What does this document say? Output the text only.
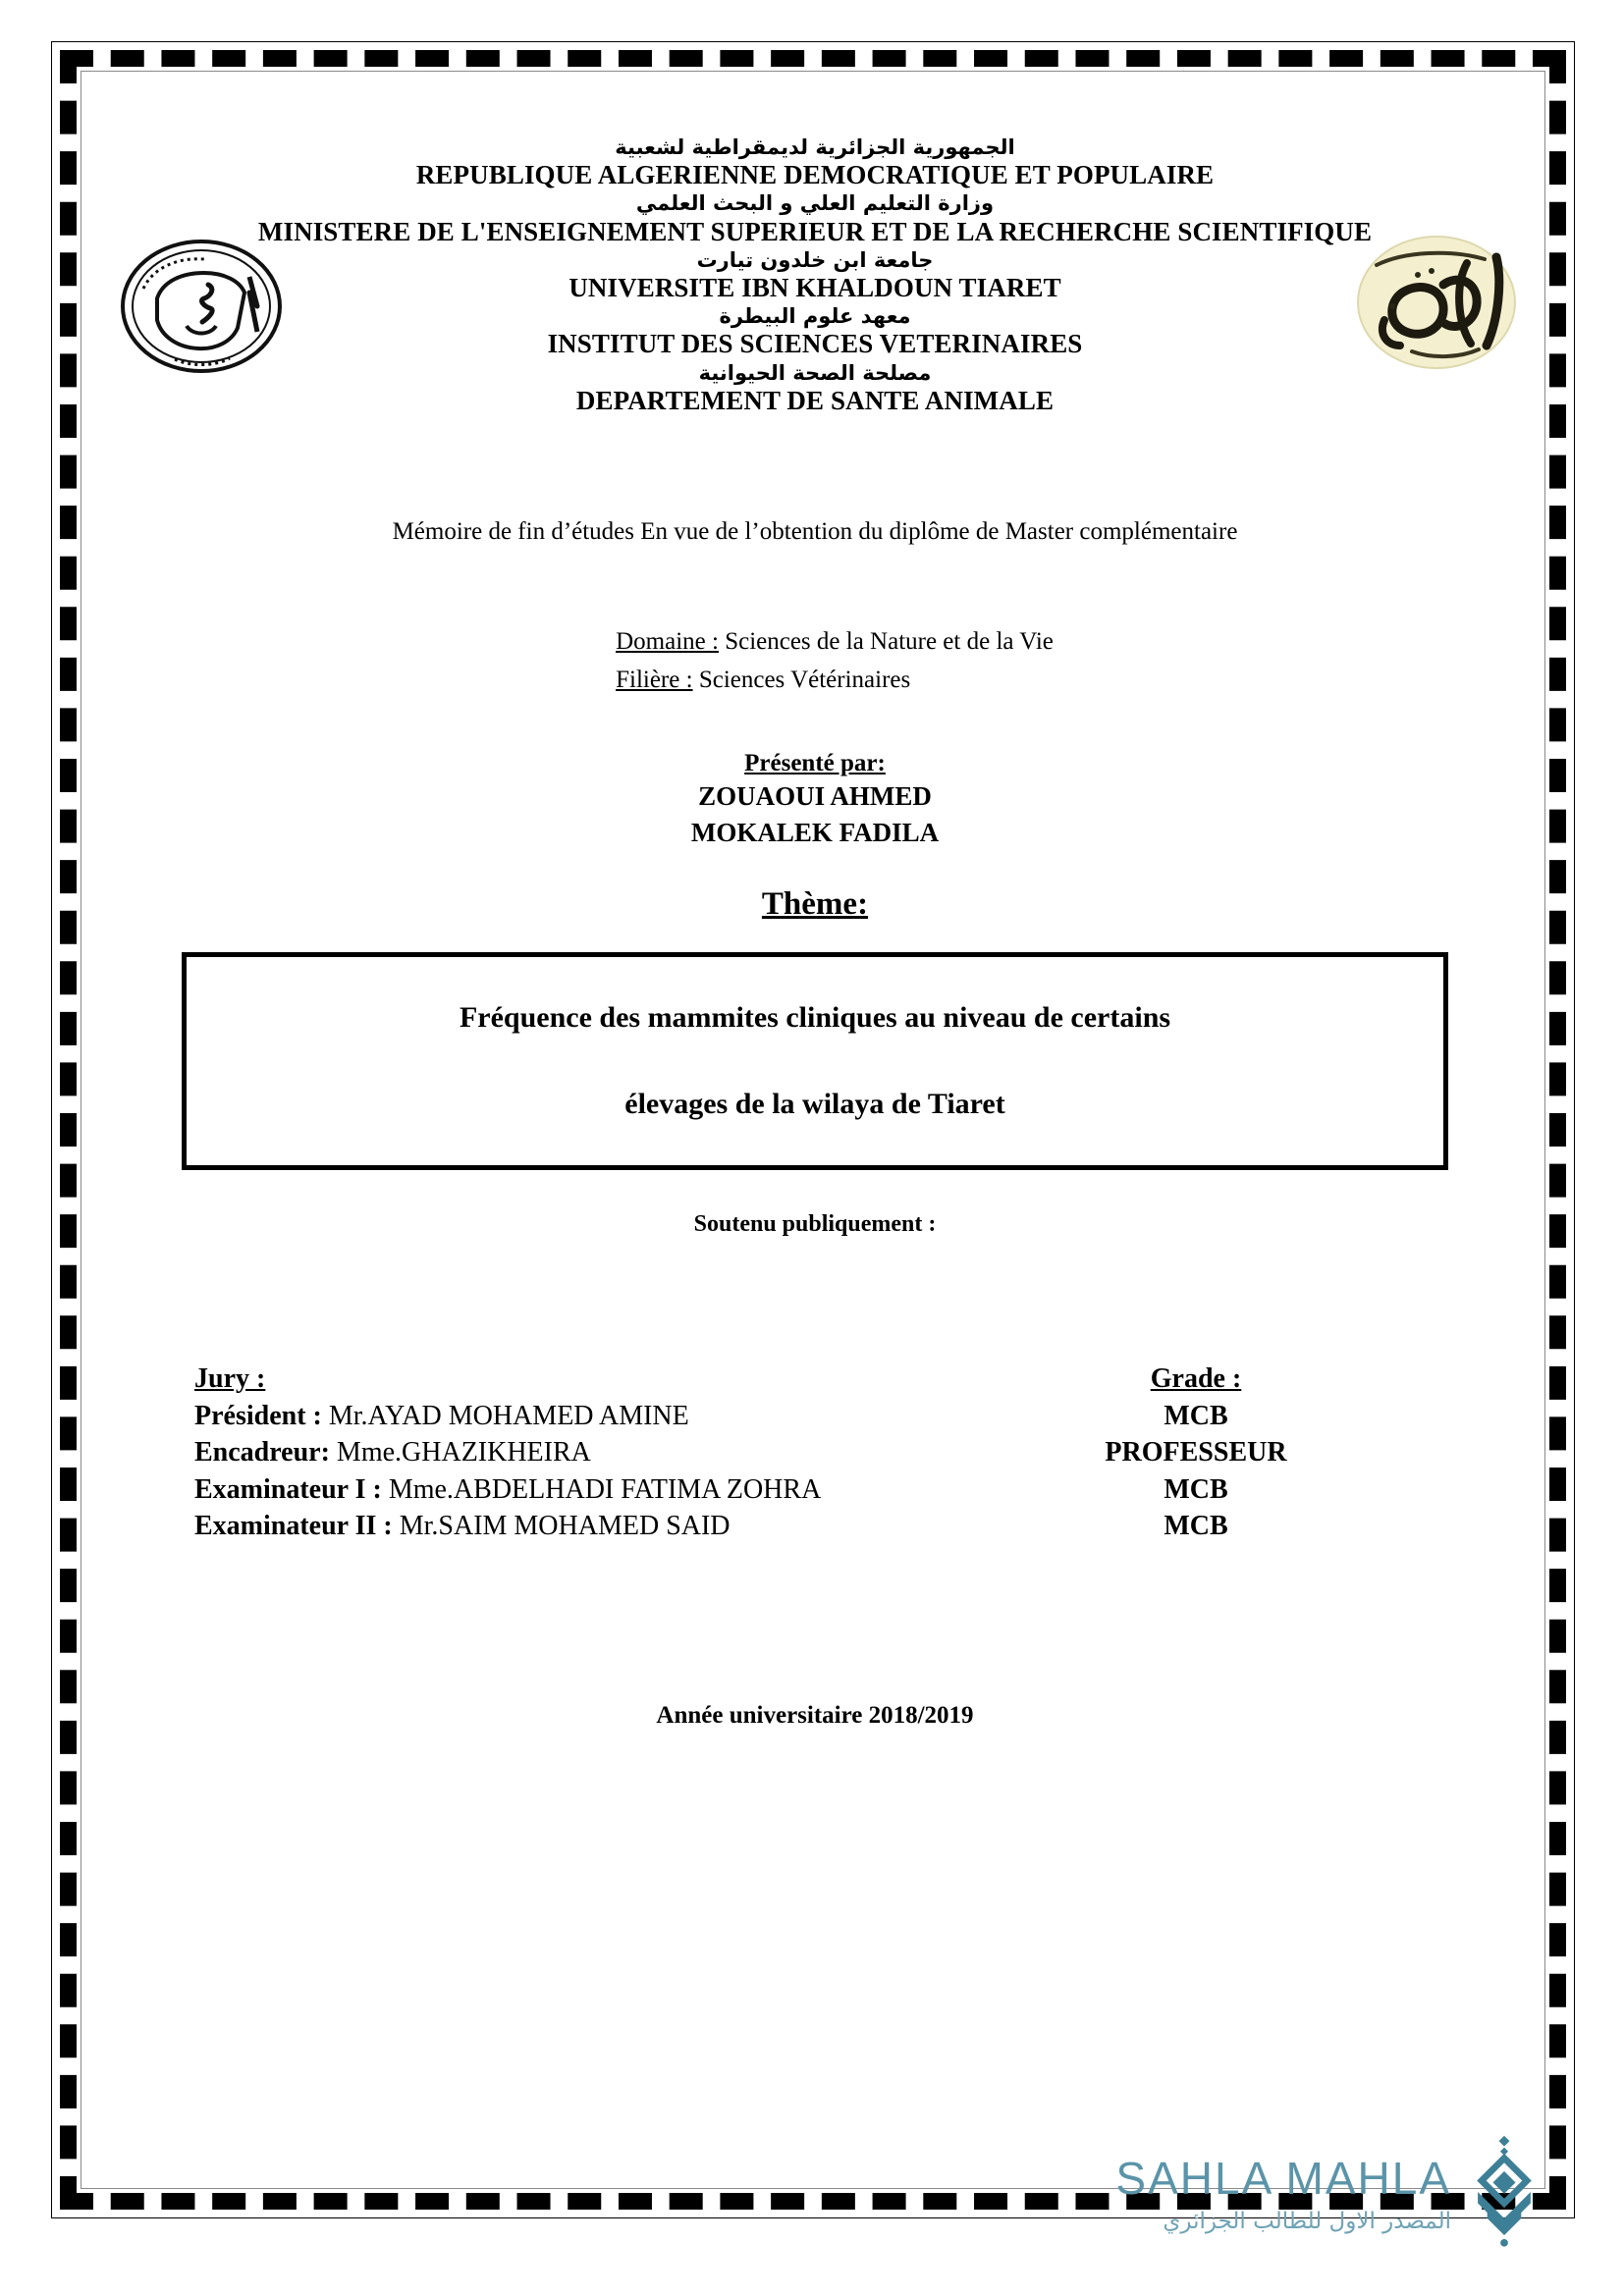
الجمهورية الجزائرية لديمقراطية لشعبية
REPUBLIQUE ALGERIENNE DEMOCRATIQUE ET POPULAIRE
وزارة التعليم العلي و البحث العلمي
MINISTERE DE L'ENSEIGNEMENT SUPERIEUR ET DE LA RECHERCHE SCIENTIFIQUE
جامعة ابن خلدون تيارت
UNIVERSITE IBN KHALDOUN TIARET
معهد علوم البيطرة
INSTITUT DES SCIENCES VETERINAIRES
مصلحة الصحة الحيوانية
DEPARTEMENT DE SANTE ANIMALE
Mémoire de fin d’études En vue de l’obtention du diplôme de Master complémentaire
Domaine : Sciences de la Nature et de la Vie
Filière : Sciences Vétérinaires
Présenté par:
ZOUAOUI AHMED
MOKALEK FADILA
Thème:
Fréquence des mammites cliniques au niveau de certains
élevages de la wilaya de Tiaret
Soutenu publiquement :
Jury :	Grade :
Président : Mr.AYAD MOHAMED AMINE	MCB
Encadreur: Mme.GHAZIKHEIRA	PROFESSEUR
Examinateur I : Mme.ABDELHADI FATIMA ZOHRA	MCB
Examinateur II : Mr.SAIM MOHAMED SAID	MCB
Année universitaire 2018/2019
SAHLA MAHLA
المصدر الاول للطالب الجزائري
